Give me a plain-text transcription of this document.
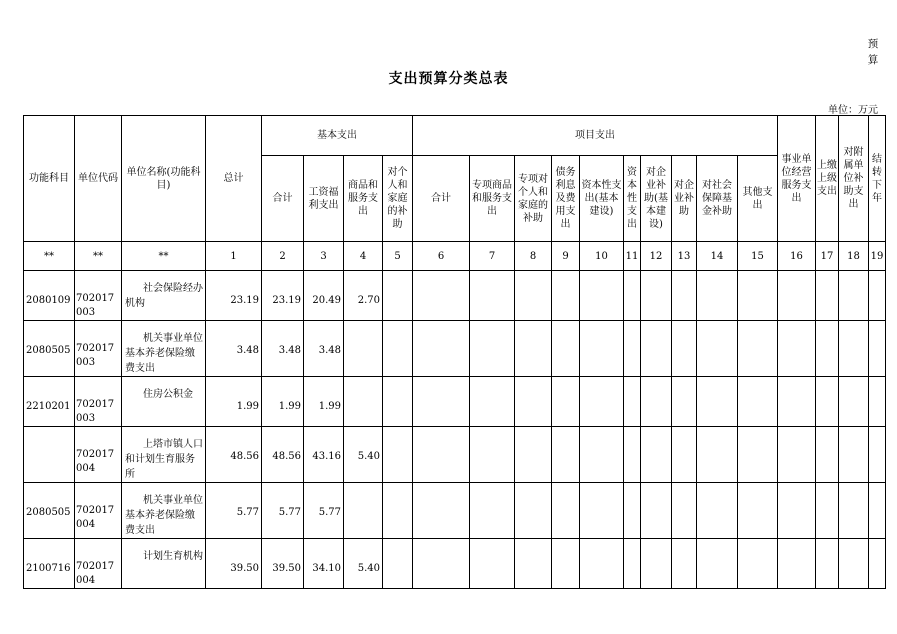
预算
支出预算分类总表
单位：万元
功能科目	单位代码	单位名称(功能科目)	总计	基本支出				项目支出										事业单位经营服务支出	上缴上级支出	对附属单位补助支出	结转下年
				合计	工资福利支出	商品和服务支出	对个人和家庭的补助	合计	专项商品和服务支出	专项对个人和家庭的补助	债务利息及费用支出	资本性支出(基本建设)	资本性支出	对企业补助(基本建设)	对企业补助	对社会保障基金补助	其他支出				
**	**	**	1	2	3	4	5	6	7	8	9	10	11	12	13	14	15	16	17	18	19
2080109	702017003	社会保险经办机构	23.19	23.19	20.49	2.70															
2080505	702017003	机关事业单位基本养老保险缴费支出	3.48	3.48	3.48																
2210201	702017003	住房公积金	1.99	1.99	1.99																
	702017004	上塔市镇人口和计划生育服务所	48.56	48.56	43.16	5.40															
2080505	702017004	机关事业单位基本养老保险缴费支出	5.77	5.77	5.77																
2100716	702017004	计划生育机构	39.50	39.50	34.10	5.40															
